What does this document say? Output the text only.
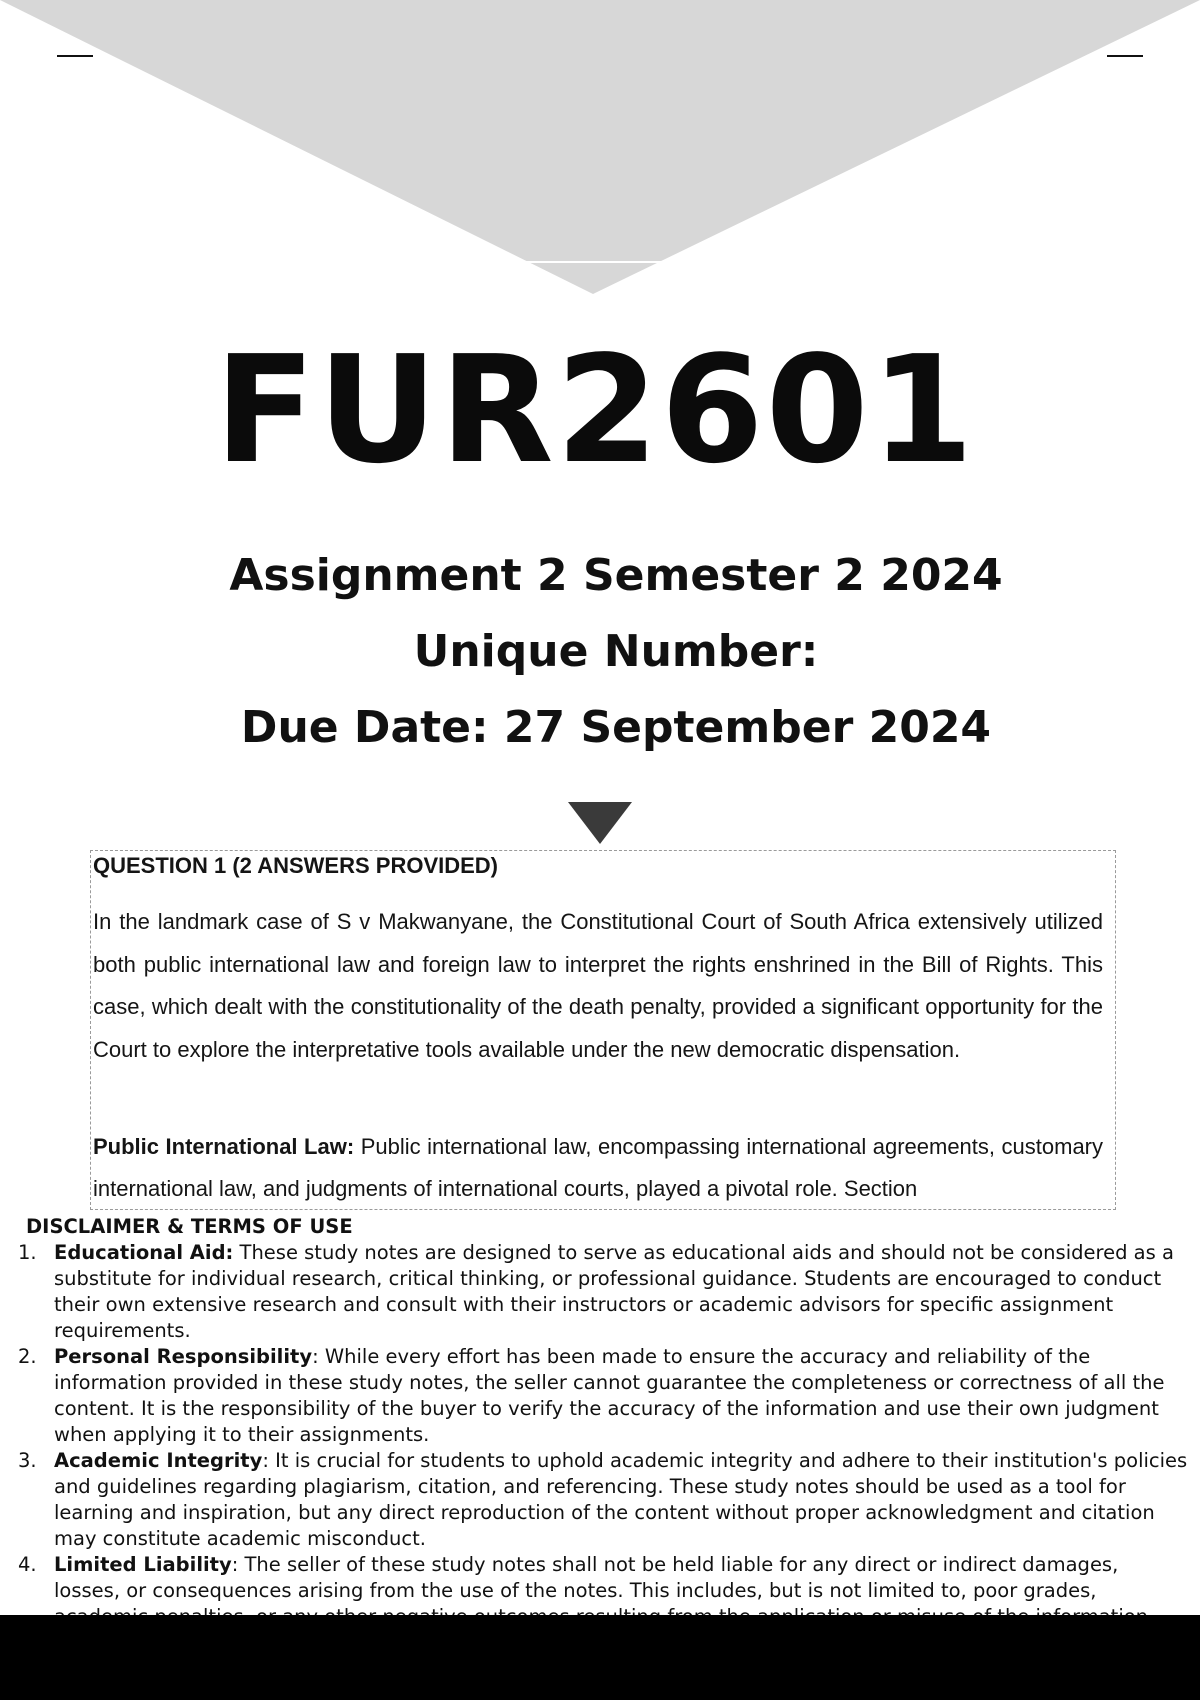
FUR2601
Assignment 2 Semester 2 2024
Unique Number:
Due Date: 27 September 2024
QUESTION 1 (2 ANSWERS PROVIDED)

In the landmark case of S v Makwanyane, the Constitutional Court of South Africa extensively utilized both public international law and foreign law to interpret the rights enshrined in the Bill of Rights. This case, which dealt with the constitutionality of the death penalty, provided a significant opportunity for the Court to explore the interpretative tools available under the new democratic dispensation.

Public International Law: Public international law, encompassing international agreements, customary international law, and judgments of international courts, played a pivotal role. Section

DISCLAIMER & TERMS OF USE
1. Educational Aid: These study notes are designed to serve as educational aids and should not be considered as a substitute for individual research, critical thinking, or professional guidance. Students are encouraged to conduct their own extensive research and consult with their instructors or academic advisors for specific assignment requirements.
2. Personal Responsibility: While every effort has been made to ensure the accuracy and reliability of the information provided in these study notes, the seller cannot guarantee the completeness or correctness of all the content. It is the responsibility of the buyer to verify the accuracy of the information and use their own judgment when applying it to their assignments.
3. Academic Integrity: It is crucial for students to uphold academic integrity and adhere to their institution's policies and guidelines regarding plagiarism, citation, and referencing. These study notes should be used as a tool for learning and inspiration, but any direct reproduction of the content without proper acknowledgment and citation may constitute academic misconduct.
4. Limited Liability: The seller of these study notes shall not be held liable for any direct or indirect damages, losses, or consequences arising from the use of the notes. This includes, but is not limited to, poor grades,
